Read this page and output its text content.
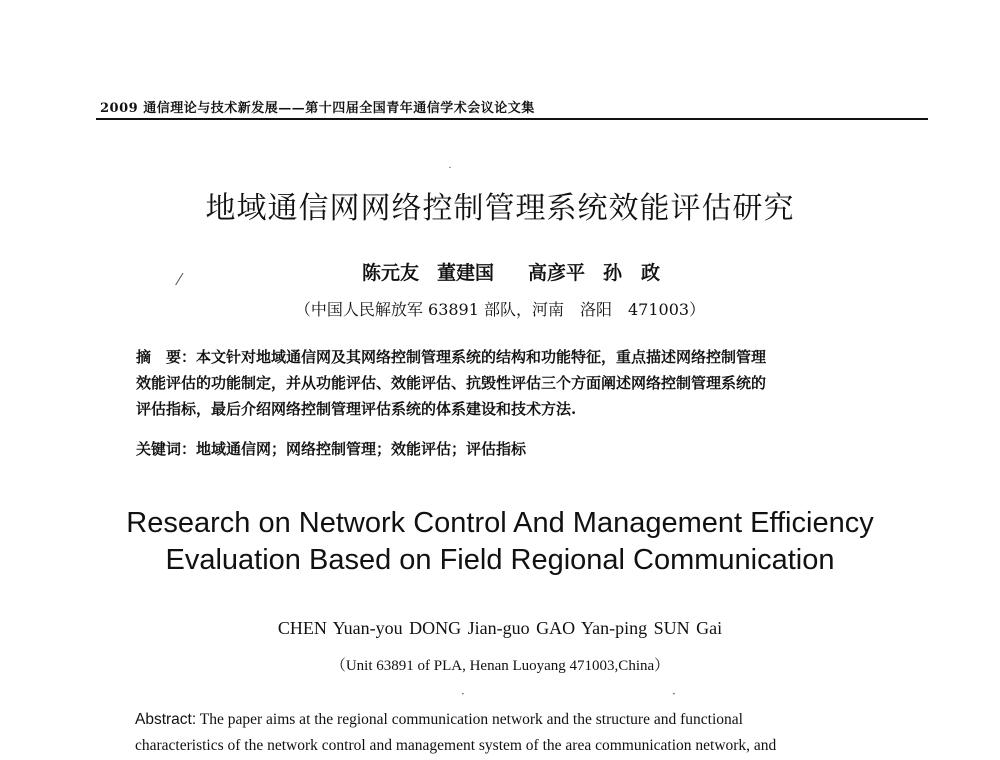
2009 通信理论与技术新发展——第十四届全国青年通信学术会议论文集
˙
⁄
地域通信网网络控制管理系统效能评估研究
陈元友 董建国 高彦平 孙　政
（中国人民解放军 63891 部队，河南　洛阳　471003）
摘　要：本文针对地域通信网及其网络控制管理系统的结构和功能特征，重点描述网络控制管理
效能评估的功能制定，并从功能评估、效能评估、抗毁性评估三个方面阐述网络控制管理系统的
评估指标，最后介绍网络控制管理评估系统的体系建设和技术方法.
关键词：地域通信网；网络控制管理；效能评估；评估指标
Research on Network Control And Management Efficiency
Evaluation Based on Field Regional Communication
CHEN Yuan-you DONG Jian-guo GAO Yan-ping SUN Gai
（Unit 63891 of PLA, Henan Luoyang 471003,China）
·	·
Abstract: The paper aims at the regional communication network and the structure and functional
characteristics of the network control and management system of the area communication network, and
